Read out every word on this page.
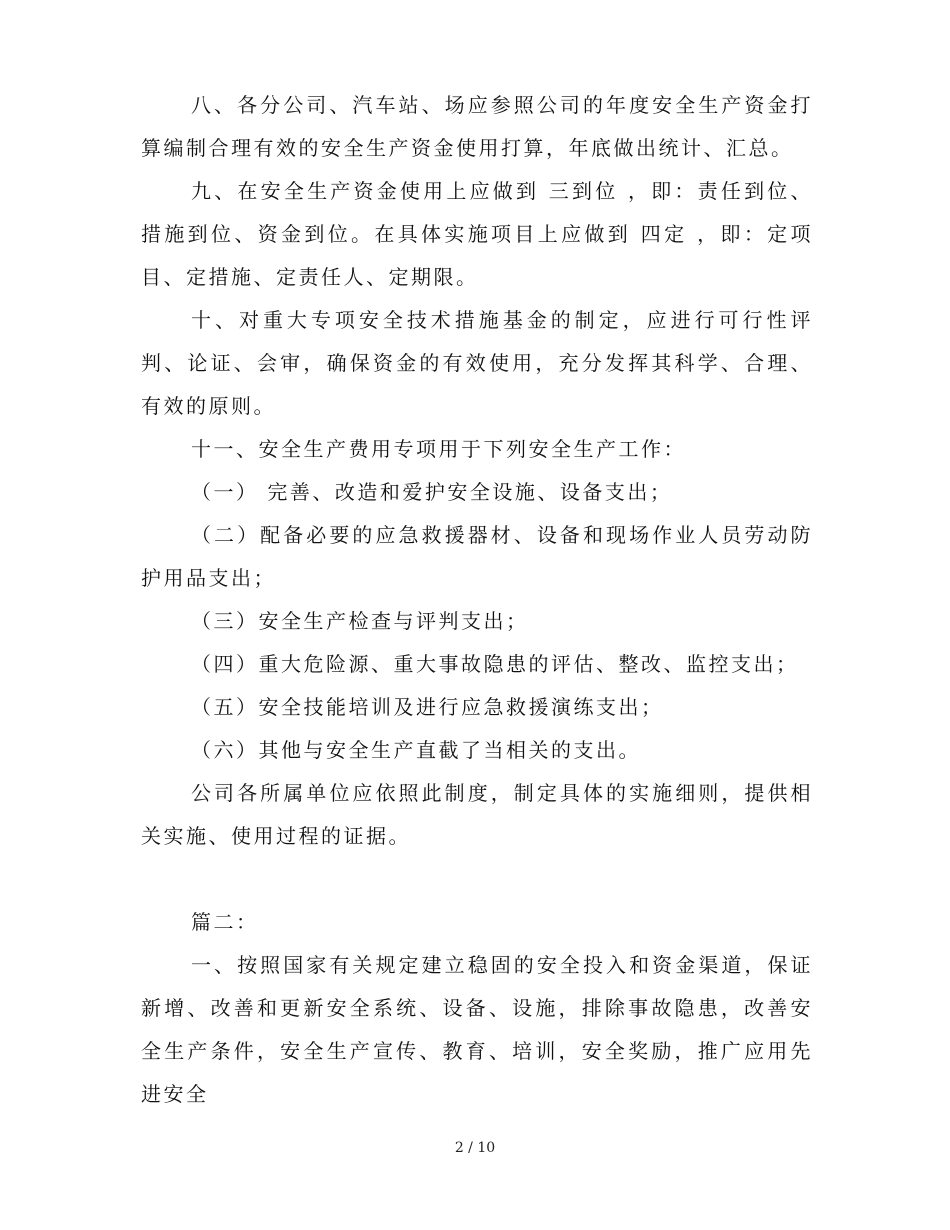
八、各分公司、汽车站、场应参照公司的年度安全生产资金打算编制合理有效的安全生产资金使用打算，年底做出统计、汇总。

九、在安全生产资金使用上应做到 三到位 ，即：责任到位、措施到位、资金到位。在具体实施项目上应做到 四定 ，即：定项目、定措施、定责任人、定期限。

十、对重大专项安全技术措施基金的制定，应进行可行性评判、论证、会审，确保资金的有效使用，充分发挥其科学、合理、有效的原则。

十一、安全生产费用专项用于下列安全生产工作：

（一） 完善、改造和爱护安全设施、设备支出；

（二）配备必要的应急救援器材、设备和现场作业人员劳动防护用品支出；

（三）安全生产检查与评判支出；

（四）重大危险源、重大事故隐患的评估、整改、监控支出；

（五）安全技能培训及进行应急救援演练支出；

（六）其他与安全生产直截了当相关的支出。

公司各所属单位应依照此制度，制定具体的实施细则，提供相关实施、使用过程的证据。

篇二：

一、按照国家有关规定建立稳固的安全投入和资金渠道，保证新增、改善和更新安全系统、设备、设施，排除事故隐患，改善安全生产条件，安全生产宣传、教育、培训，安全奖励，推广应用先进安全

2 / 10
